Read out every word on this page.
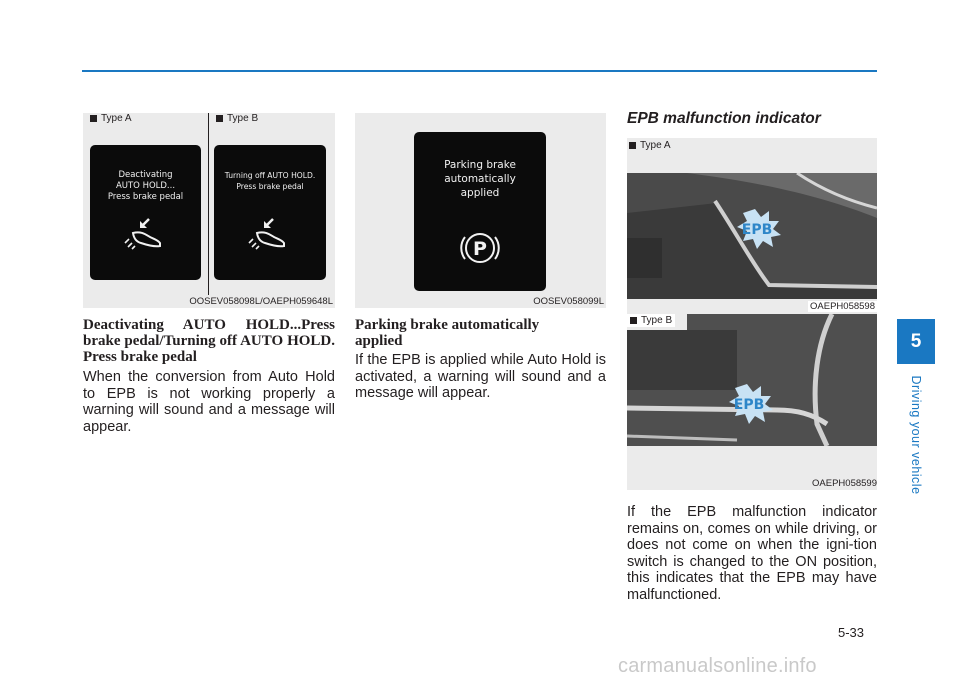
Type A	Type B
Deactivating
AUTO HOLD...
Press brake pedal
Turning off AUTO HOLD.
Press brake pedal
OOSEV058098L/OAEPH059648L
Parking brake
automatically
applied
P
OOSEV058099L
Deactivating AUTO HOLD...Press brake pedal/Turning off AUTO HOLD. Press brake pedal
When the conversion from Auto Hold to EPB is not working properly a warning will sound and a message will appear.
Parking brake automatically applied
If the EPB is applied while Auto Hold is activated, a warning will sound and a message will appear.
EPB malfunction indicator
Type A
EPB
OAEPH058598
Type B
EPB
OAEPH058599
If the EPB malfunction indicator remains on, comes on while driving, or does not come on when the igni-tion switch is changed to the ON position, this indicates that the EPB may have malfunctioned.
5
Driving your vehicle
5-33
carmanualsonline.info
